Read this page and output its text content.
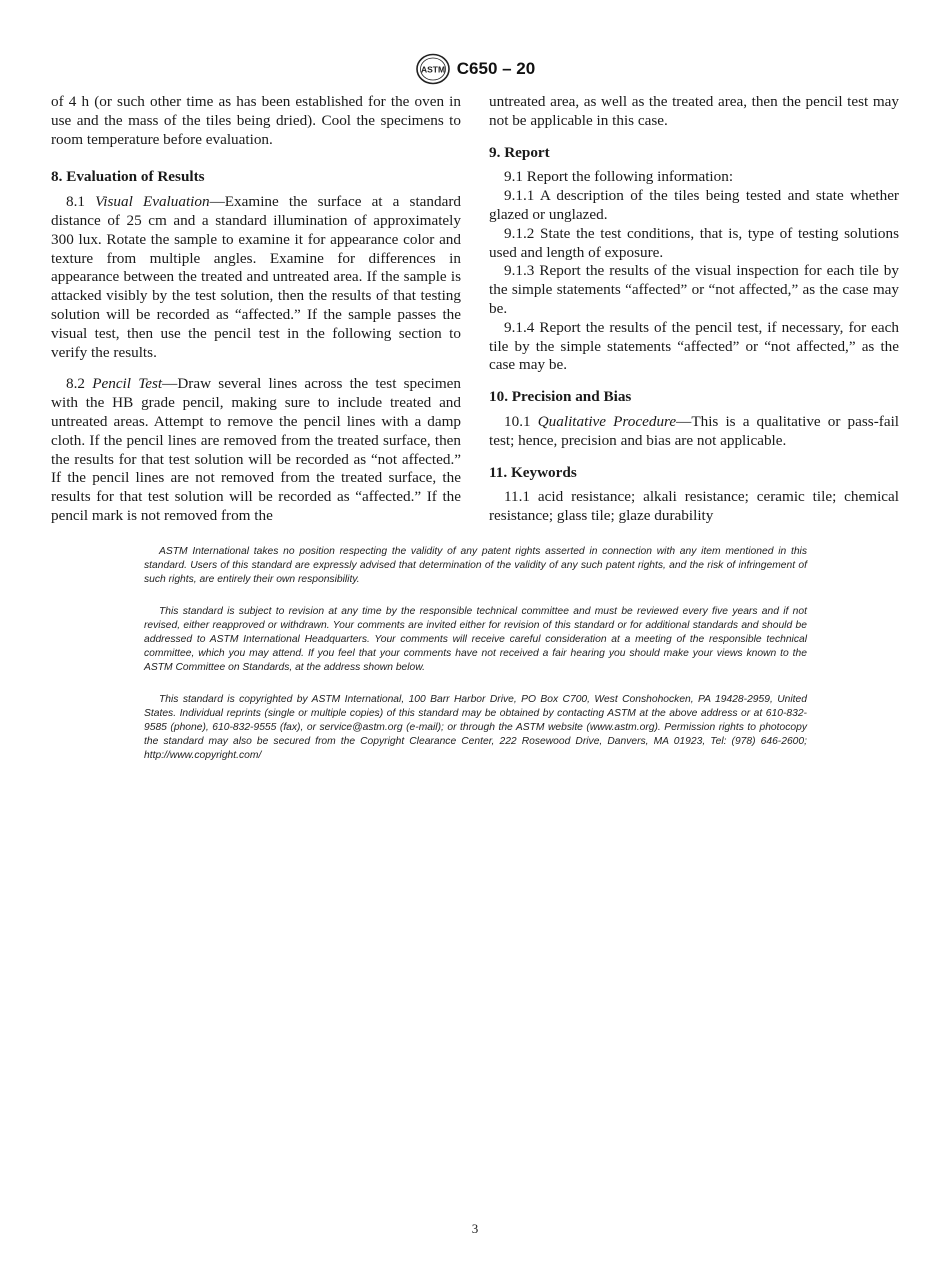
ASTM C650 – 20

of 4 h (or such other time as has been established for the oven in use and the mass of the tiles being dried). Cool the specimens to room temperature before evaluation.

8. Evaluation of Results

8.1 Visual Evaluation—Examine the surface at a standard distance of 25 cm and a standard illumination of approximately 300 lux. Rotate the sample to examine it for appearance color and texture from multiple angles. Examine for differences in appearance between the treated and untreated area. If the sample is attacked visibly by the test solution, then the results of that testing solution will be recorded as “affected.” If the sample passes the visual test, then use the pencil test in the following section to verify the results.

8.2 Pencil Test—Draw several lines across the test specimen with the HB grade pencil, making sure to include treated and untreated areas. Attempt to remove the pencil lines with a damp cloth. If the pencil lines are removed from the treated surface, then the results for that test solution will be recorded as “not affected.” If the pencil lines are not removed from the treated surface, the results for that test solution will be recorded as “affected.” If the pencil mark is not removed from the

untreated area, as well as the treated area, then the pencil test may not be applicable in this case.

9. Report

9.1 Report the following information:

9.1.1 A description of the tiles being tested and state whether glazed or unglazed.

9.1.2 State the test conditions, that is, type of testing solutions used and length of exposure.

9.1.3 Report the results of the visual inspection for each tile by the simple statements “affected” or “not affected,” as the case may be.

9.1.4 Report the results of the pencil test, if necessary, for each tile by the simple statements “affected” or “not affected,” as the case may be.

10. Precision and Bias

10.1 Qualitative Procedure—This is a qualitative or pass-fail test; hence, precision and bias are not applicable.

11. Keywords

11.1 acid resistance; alkali resistance; ceramic tile; chemical resistance; glass tile; glaze durability

ASTM International takes no position respecting the validity of any patent rights asserted in connection with any item mentioned in this standard. Users of this standard are expressly advised that determination of the validity of any such patent rights, and the risk of infringement of such rights, are entirely their own responsibility.

This standard is subject to revision at any time by the responsible technical committee and must be reviewed every five years and if not revised, either reapproved or withdrawn. Your comments are invited either for revision of this standard or for additional standards and should be addressed to ASTM International Headquarters. Your comments will receive careful consideration at a meeting of the responsible technical committee, which you may attend. If you feel that your comments have not received a fair hearing you should make your views known to the ASTM Committee on Standards, at the address shown below.

This standard is copyrighted by ASTM International, 100 Barr Harbor Drive, PO Box C700, West Conshohocken, PA 19428-2959, United States. Individual reprints (single or multiple copies) of this standard may be obtained by contacting ASTM at the above address or at 610-832-9585 (phone), 610-832-9555 (fax), or service@astm.org (e-mail); or through the ASTM website (www.astm.org). Permission rights to photocopy the standard may also be secured from the Copyright Clearance Center, 222 Rosewood Drive, Danvers, MA 01923, Tel: (978) 646-2600; http://www.copyright.com/

3
